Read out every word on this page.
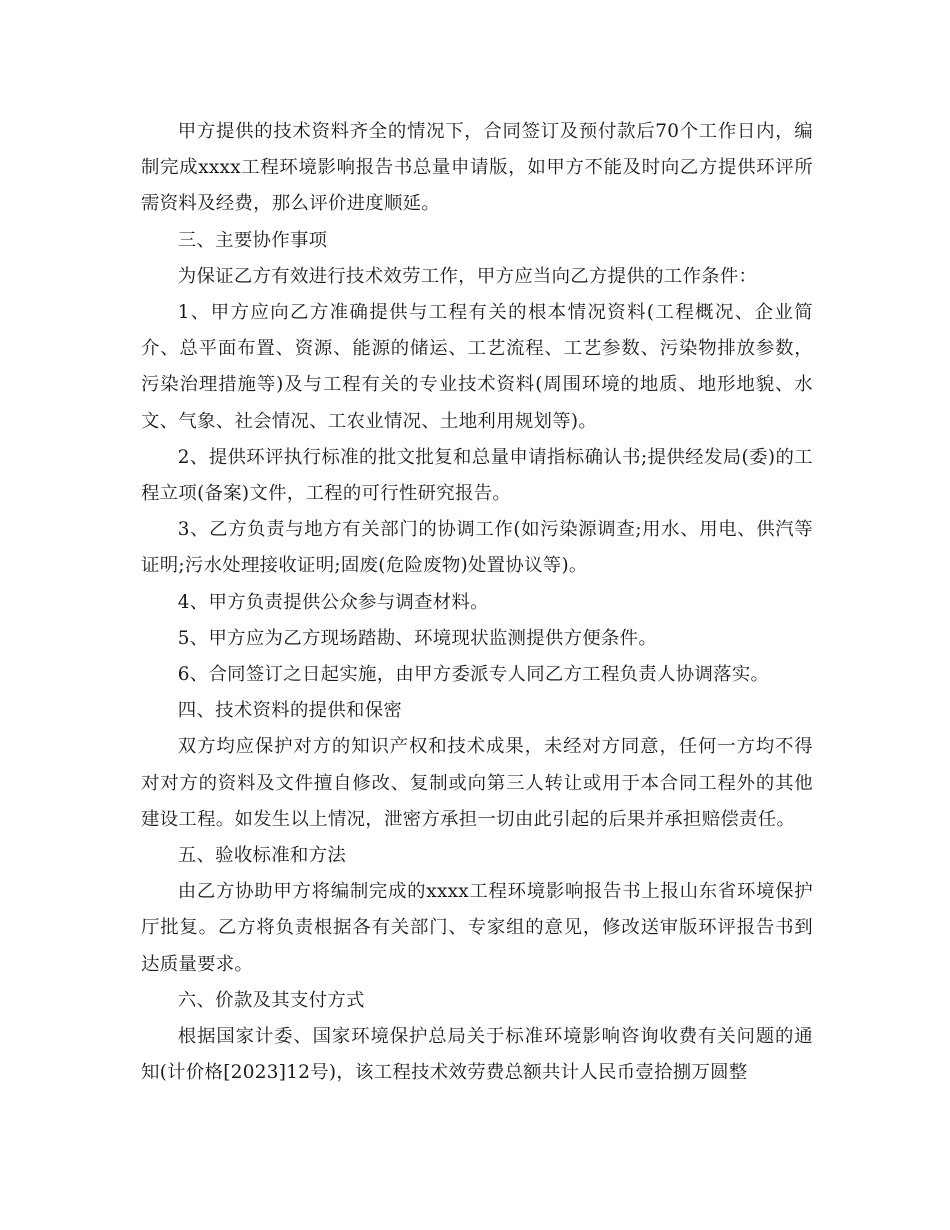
甲方提供的技术资料齐全的情况下，合同签订及预付款后70个工作日内，编制完成xxxx工程环境影响报告书总量申请版，如甲方不能及时向乙方提供环评所需资料及经费，那么评价进度顺延。

三、主要协作事项

为保证乙方有效进行技术效劳工作，甲方应当向乙方提供的工作条件：

1、甲方应向乙方准确提供与工程有关的根本情况资料(工程概况、企业简介、总平面布置、资源、能源的储运、工艺流程、工艺参数、污染物排放参数，污染治理措施等)及与工程有关的专业技术资料(周围环境的地质、地形地貌、水文、气象、社会情况、工农业情况、土地利用规划等)。

2、提供环评执行标准的批文批复和总量申请指标确认书;提供经发局(委)的工程立项(备案)文件，工程的可行性研究报告。

3、乙方负责与地方有关部门的协调工作(如污染源调查;用水、用电、供汽等证明;污水处理接收证明;固废(危险废物)处置协议等)。

4、甲方负责提供公众参与调查材料。

5、甲方应为乙方现场踏勘、环境现状监测提供方便条件。

6、合同签订之日起实施，由甲方委派专人同乙方工程负责人协调落实。

四、技术资料的提供和保密

双方均应保护对方的知识产权和技术成果，未经对方同意，任何一方均不得对对方的资料及文件擅自修改、复制或向第三人转让或用于本合同工程外的其他建设工程。如发生以上情况，泄密方承担一切由此引起的后果并承担赔偿责任。

五、验收标准和方法

由乙方协助甲方将编制完成的xxxx工程环境影响报告书上报山东省环境保护厅批复。乙方将负责根据各有关部门、专家组的意见，修改送审版环评报告书到达质量要求。

六、价款及其支付方式

根据国家计委、国家环境保护总局关于标准环境影响咨询收费有关问题的通知(计价格[2023]12号)，该工程技术效劳费总额共计人民币壹拾捌万圆整
